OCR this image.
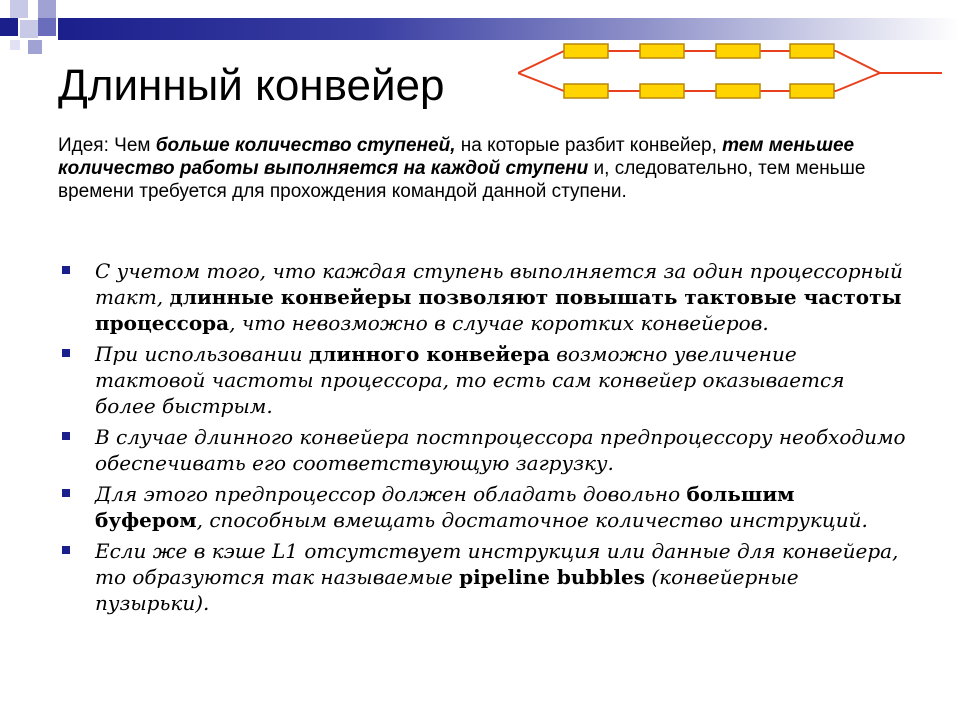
Длинный конвейер
Идея: Чем больше количество ступеней, на которые разбит конвейер, тем меньшее количество работы выполняется на каждой ступени и, следовательно, тем меньше времени требуется для прохождения командой данной ступени.
С учетом того, что каждая ступень выполняется за один процессорный такт, длинные конвейеры позволяют повышать тактовые частоты процессора, что невозможно в случае коротких конвейеров.
При использовании длинного конвейера возможно увеличение тактовой частоты процессора, то есть сам конвейер оказывается более быстрым.
В случае длинного конвейера постпроцессора предпроцессору необходимо обеспечивать его соответствующую загрузку.
Для этого предпроцессор должен обладать довольно большим буфером, способным вмещать достаточное количество инструкций.
Если же в кэше L1 отсутствует инструкция или данные для конвейера, то образуются так называемые pipeline bubbles (конвейерные пузырьки).
